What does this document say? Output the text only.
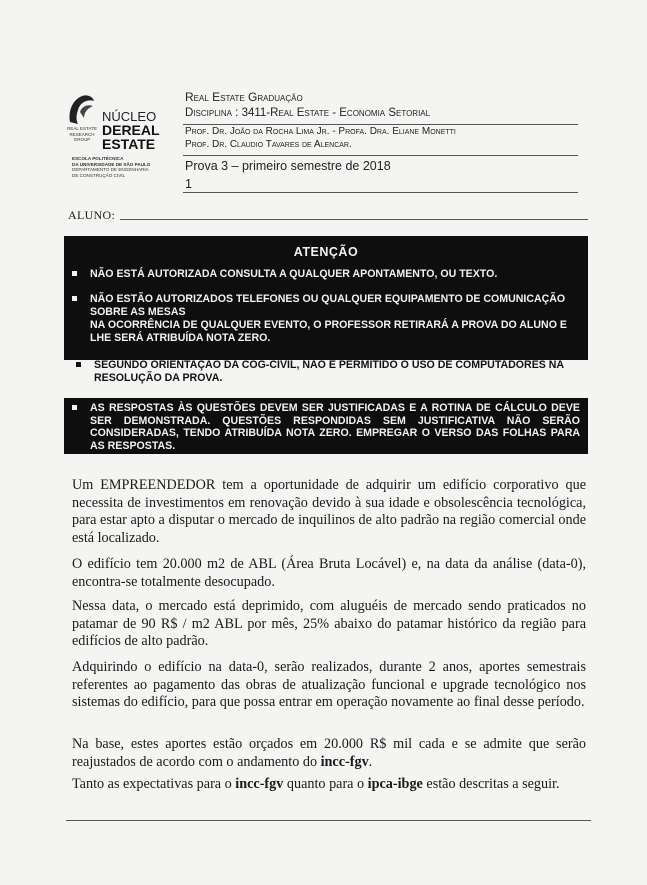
NÚCLEO
DEREAL
ESTATE
REAL ESTATE RESEARCH GROUP
ESCOLA POLITÉCNICA
DA UNIVERSIDADE DE SÃO PAULO
DEPARTAMENTO DE ENGENHARIA
DE CONSTRUÇÃO CIVIL
Real Estate Graduação
Disciplina : 3411-Real Estate - Economia Setorial
Prof. Dr. João da Rocha Lima Jr. - Profa. Dra. Eliane Monetti
Prof. Dr. Claudio Tavares de Alencar.
Prova 3 – primeiro semestre de 2018
1
ALUNO:
ATENÇÃO
NÃO ESTÁ AUTORIZADA CONSULTA A QUALQUER APONTAMENTO, OU TEXTO.
NÃO ESTÃO AUTORIZADOS TELEFONES OU QUALQUER EQUIPAMENTO DE COMUNICAÇÃO SOBRE AS MESAS
NA OCORRÊNCIA DE QUALQUER EVENTO, O PROFESSOR RETIRARÁ A PROVA DO ALUNO E LHE SERÁ ATRIBUÍDA NOTA ZERO.
SEGUNDO ORIENTAÇÃO DA COG-CIVIL, NÃO É PERMITIDO O USO DE COMPUTADORES NA RESOLUÇÃO DA PROVA.
AS RESPOSTAS ÀS QUESTÕES DEVEM SER JUSTIFICADAS E A ROTINA DE CÁLCULO DEVE SER DEMONSTRADA. QUESTÕES RESPONDIDAS SEM JUSTIFICATIVA NÃO SERÃO CONSIDERADAS, TENDO ATRIBUÍDA NOTA ZERO. EMPREGAR O VERSO DAS FOLHAS PARA AS RESPOSTAS.
Um EMPREENDEDOR tem a oportunidade de adquirir um edifício corporativo que necessita de investimentos em renovação devido à sua idade e obsolescência tecnológica, para estar apto a disputar o mercado de inquilinos de alto padrão na região comercial onde está localizado.
O edifício tem 20.000 m2 de ABL (Área Bruta Locável) e, na data da análise (data-0), encontra-se totalmente desocupado.
Nessa data, o mercado está deprimido, com aluguéis de mercado sendo praticados no patamar de 90 R$ / m2 ABL por mês, 25% abaixo do patamar histórico da região para edifícios de alto padrão.
Adquirindo o edifício na data-0, serão realizados, durante 2 anos, aportes semestrais referentes ao pagamento das obras de atualização funcional e upgrade tecnológico nos sistemas do edifício, para que possa entrar em operação novamente ao final desse período.
Na base, estes aportes estão orçados em 20.000 R$ mil cada e se admite que serão reajustados de acordo com o andamento do incc-fgv.
Tanto as expectativas para o incc-fgv quanto para o ipca-ibge estão descritas a seguir.
